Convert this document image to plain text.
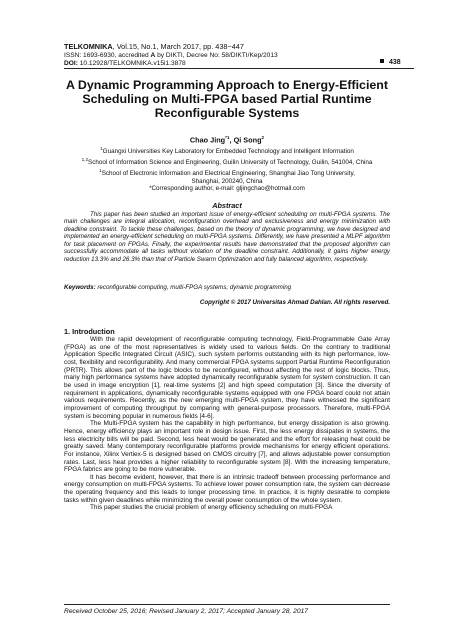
TELKOMNIKA, Vol.15, No.1, March 2017, pp. 438~447
ISSN: 1693-6930, accredited A by DIKTI, Decree No: 58/DIKTI/Kep/2013
DOI: 10.12928/TELKOMNIKA.v15i1.3878	438
A Dynamic Programming Approach to Energy-Efficient Scheduling on Multi-FPGA based Partial Runtime Reconfigurable Systems
Chao Jing$^{*1}$, Qi Song$^2$
$^1$Guangxi Universities Key Laboratory for Embedded Technology and Intelligent Information
$^{1,2}$School of Information Science and Engineering, Guilin University of Technology, Guilin, 541004, China
$^1$School of Electronic Information and Electrical Engineering, Shanghai Jiao Tong University,
Shanghai, 200240, China
*Corresponding author, e-mail: gljingchao@hotmail.com
Abstract
This paper has been studied an important issue of energy-efficient scheduling on multi-FPGA systems. The main challenges are integral allocation, reconfiguration overhead and exclusiveness and energy minimization with deadline constraint. To tackle these challenges, based on the theory of dynamic programming, we have designed and implemented an energy-efficient scheduling on multi-FPGA systems. Differently, we have presented a MLPF algorithm for task placement on FPGAs. Finally, the experimental results have demonstrated that the proposed algorithm can successfully accommodate all tasks without violation of the deadline constraint. Additionally, it gains higher energy reduction 13.3% and 26.3% than that of Particle Swarm Optimization and fully balanced algorithm, respectively.
Keywords: reconfigurable computing, multi-FPGA systems, dynamic programming
Copyright © 2017 Universitas Ahmad Dahlan. All rights reserved.
1. Introduction

With the rapid development of reconfigurable computing technology, Field-Programmable Gate Array (FPGA) as one of the most representatives is widely used to various fields. On the contrary to traditional Application Specific Integrated Circuit (ASIC), such system performs outstanding with its high performance, low-cost, flexibility and reconfigurability. And many commercial FPGA systems support Partial Runtime Reconfiguration (PRTR). This allows part of the logic blocks to be reconfigured, without affecting the rest of logic blocks. Thus, many high performance systems have adopted dynamically reconfigurable system for system construction. It can be used in image encryption [1], real-time systems [2] and high speed computation [3]. Since the diversity of requirement in applications, dynamically reconfigurable systems equipped with one FPGA board could not attain various requirements. Recently, as the new emerging multi-FPGA system, they have witnessed the significant improvement of computing throughput by comparing with general-purpose processors. Therefore, multi-FPGA system is becoming popular in numerous fields [4-6].

The Multi-FPGA system has the capability in high performance, but energy dissipation is also growing. Hence, energy efficiency plays an important role in design issue. First, the less energy dissipates in systems, the less electricity bills will be paid. Second, less heat would be generated and the effort for releasing heat could be greatly saved. Many contemporary reconfigurable platforms provide mechanisms for energy efficient operations. For instance, Xilinx Vertiex-5 is designed based on CMOS circuitry [7], and allows adjustable power consumption rates. Last, less heat provides a higher reliability to reconfigurable system [8]. With the increasing temperature, FPGA fabrics are going to be more vulnerable.

It has become evident, however, that there is an intrinsic tradeoff between processing performance and energy consumption on multi-FPGA systems. To achieve lower power consumption rate, the system can decrease the operating frequency and this leads to longer processing time. In practice, it is highly desirable to complete tasks within given deadlines while minimizing the overall power consumption of the whole system.

This paper studies the crucial problem of energy efficiency scheduling on multi-FPGA

Received October 25, 2016; Revised January 2, 2017; Accepted January 28, 2017
